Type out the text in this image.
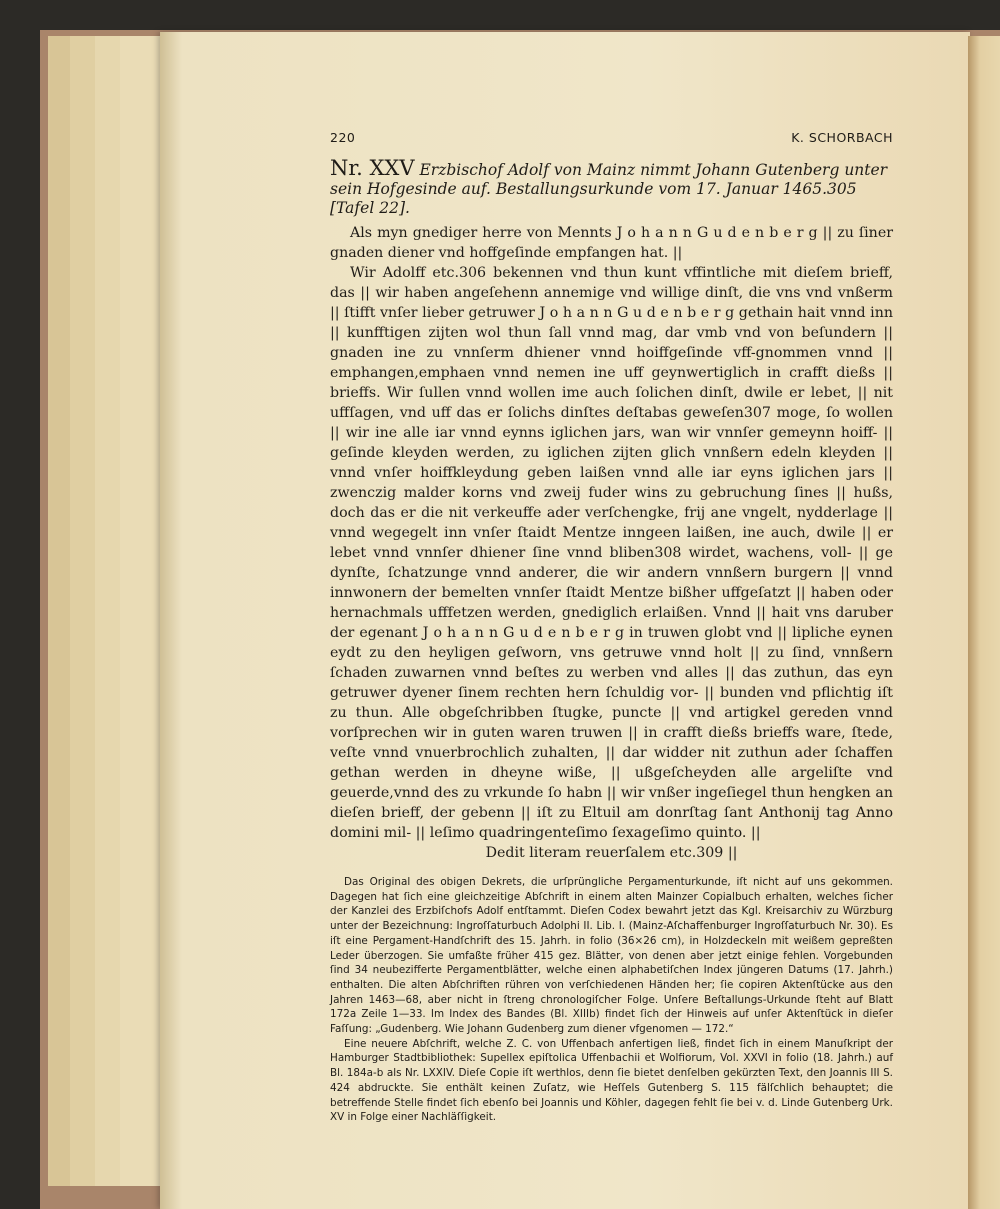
220	K. SCHORBACH

Nr. XXV Erzbischof Adolf von Mainz nimmt Johann Gutenberg unter sein Hofgesinde auf. Bestallungsurkunde vom 17. Januar 1465.305 [Tafel 22].

Als myn gnediger herre von Mennts J o h a n n G u d e n b e r g || zu ſiner gnaden diener vnd hoffgeſinde empfangen hat. ||

Wir Adolff etc.306 bekennen vnd thun kunt vffintliche mit dieſem brieff, das || wir haben angeſehenn annemige vnd willige dinſt, die vns vnd vnßerm || ſtifft vnſer lieber getruwer J o h a n n G u d e n b e r g gethain hait vnnd inn || kunfftigen zijten wol thun ſall vnnd mag, dar vmb vnd von beſundern || gnaden ine zu vnnſerm dhiener vnnd hoiffgeſinde vff-gnommen vnnd || emphangen,emphaen vnnd nemen ine uff geynwertiglich in crafft dießs || brieffs. Wir ſullen vnnd wollen ime auch ſolichen dinſt, dwile er lebet, || nit uffſagen, vnd uff das er ſolichs dinſtes deſtabas geweſen307 moge, ſo wollen || wir ine alle iar vnnd eynns iglichen jars, wan wir vnnſer gemeynn hoiff- || geſinde kleyden werden, zu iglichen zijten glich vnnßern edeln kleyden || vnnd vnſer hoiffkleydung geben laißen vnnd alle iar eyns iglichen jars || zwenczig malder korns vnd zweij fuder wins zu gebruchung ſines || hußs, doch das er die nit verkeuffe ader verſchengke, frij ane vngelt, nydderlage || vnnd wegegelt inn vnſer ſtaidt Mentze inngeen laißen, ine auch, dwile || er lebet vnnd vnnſer dhiener ſine vnnd bliben308 wirdet, wachens, voll- || ge dynſte, ſchatzunge vnnd anderer, die wir andern vnnßern burgern || vnnd innwonern der bemelten vnnſer ſtaidt Mentze bißher uffgeſatzt || haben oder hernachmals ufffetzen werden, gnediglich erlaißen. Vnnd || hait vns daruber der egenant J o h a n n G u d e n b e r g in truwen globt vnd || lipliche eynen eydt zu den heyligen geſworn, vns getruwe vnnd holt || zu ſind, vnnßern ſchaden zuwarnen vnnd beſtes zu werben vnd alles || das zuthun, das eyn getruwer dyener ſinem rechten hern ſchuldig vor- || bunden vnd pflichtig iſt zu thun. Alle obgeſchribben ſtugke, puncte || vnd artigkel gereden vnnd vorſprechen wir in guten waren truwen || in crafft dießs brieffs ware, ſtede, veſte vnnd vnuerbrochlich zuhalten, || dar widder nit zuthun ader ſchaffen gethan werden in dheyne wiße, || ußgeſcheyden alle argeliſte vnd geuerde,vnnd des zu vrkunde ſo habn || wir vnßer ingeſiegel thun hengken an dieſen brieff, der gebenn || iſt zu Eltuil am donrſtag ſant Anthonij tag Anno domini mil- || leſimo quadringenteſimo ſexageſimo quinto. ||

Dedit literam reuerſalem etc.309 ||

Das Original des obigen Dekrets, die urſprüngliche Pergamenturkunde, iſt nicht auf uns gekommen. Dagegen hat ſich eine gleichzeitige Abſchrift in einem alten Mainzer Copialbuch erhalten, welches ſicher der Kanzlei des Erzbiſchofs Adolf entſtammt. Dieſen Codex bewahrt jetzt das Kgl. Kreisarchiv zu Würzburg unter der Bezeichnung: Ingroſſaturbuch Adolphi II. Lib. I. (Mainz-Aſchaffenburger Ingroſſaturbuch Nr. 30). Es iſt eine Pergament-Handſchrift des 15. Jahrh. in folio (36×26 cm), in Holzdeckeln mit weißem gepreßten Leder überzogen. Sie umfaßte früher 415 gez. Blätter, von denen aber jetzt einige fehlen. Vorgebunden ſind 34 neubezifferte Pergamentblätter, welche einen alphabetiſchen Index jüngeren Datums (17. Jahrh.) enthalten. Die alten Abſchriften rühren von verſchiedenen Händen her; ſie copiren Aktenſtücke aus den Jahren 1463—68, aber nicht in ſtreng chronologiſcher Folge. Unſere Beſtallungs-Urkunde ſteht auf Blatt 172a Zeile 1—33. Im Index des Bandes (Bl. XIIIb) findet ſich der Hinweis auf unſer Aktenſtück in dieſer Faſſung: „Gudenberg. Wie Johann Gudenberg zum diener vfgenomen — 172.“

Eine neuere Abſchrift, welche Z. C. von Uffenbach anfertigen ließ, findet ſich in einem Manuſkript der Hamburger Stadtbibliothek: Supellex epiſtolica Uffenbachii et Wolfiorum, Vol. XXVI in folio (18. Jahrh.) auf Bl. 184a-b als Nr. LXXIV. Dieſe Copie iſt werthlos, denn ſie bietet denſelben gekürzten Text, den Joannis III S. 424 abdruckte. Sie enthält keinen Zuſatz, wie Heſſels Gutenberg S. 115 fälſchlich behauptet; die betreffende Stelle findet ſich ebenſo bei Joannis und Köhler, dagegen fehlt ſie bei v. d. Linde Gutenberg Urk. XV in Folge einer Nachläſſigkeit.
